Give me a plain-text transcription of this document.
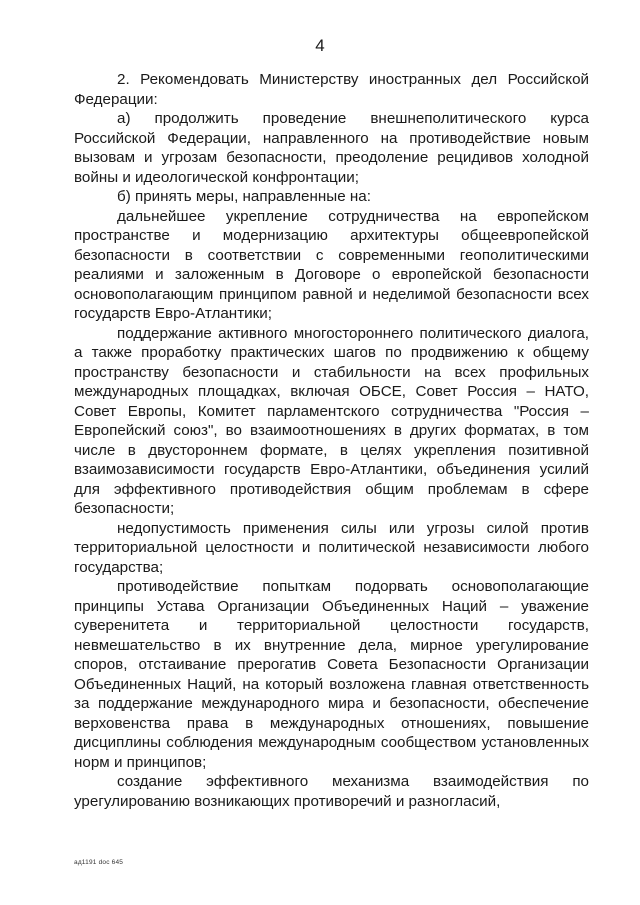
4

2. Рекомендовать Министерству иностранных дел Российской Федерации:

а) продолжить проведение внешнеполитического курса Российской Федерации, направленного на противодействие новым вызовам и угрозам безопасности, преодоление рецидивов холодной войны и идеологической конфронтации;

б) принять меры, направленные на:

дальнейшее укрепление сотрудничества на европейском пространстве и модернизацию архитектуры общеевропейской безопасности в соответствии с современными геополитическими реалиями и заложенным в Договоре о европейской безопасности основополагающим принципом равной и неделимой безопасности всех государств Евро-Атлантики;

поддержание активного многостороннего политического диалога, а также проработку практических шагов по продвижению к общему пространству безопасности и стабильности на всех профильных международных площадках, включая ОБСЕ, Совет Россия – НАТО, Совет Европы, Комитет парламентского сотрудничества "Россия – Европейский союз", во взаимоотношениях в других форматах, в том числе в двустороннем формате, в целях укрепления позитивной взаимозависимости государств Евро-Атлантики, объединения усилий для эффективного противодействия общим проблемам в сфере безопасности;

недопустимость применения силы или угрозы силой против территориальной целостности и политической независимости любого государства;

противодействие попыткам подорвать основополагающие принципы Устава Организации Объединенных Наций – уважение суверенитета и территориальной целостности государств, невмешательство в их внутренние дела, мирное урегулирование споров, отстаивание прерогатив Совета Безопасности Организации Объединенных Наций, на который возложена главная ответственность за поддержание международного мира и безопасности, обеспечение верховенства права в международных отношениях, повышение дисциплины соблюдения международным сообществом установленных норм и принципов;

создание эффективного механизма взаимодействия по урегулированию возникающих противоречий и разногласий,

ад1191 doc 645
